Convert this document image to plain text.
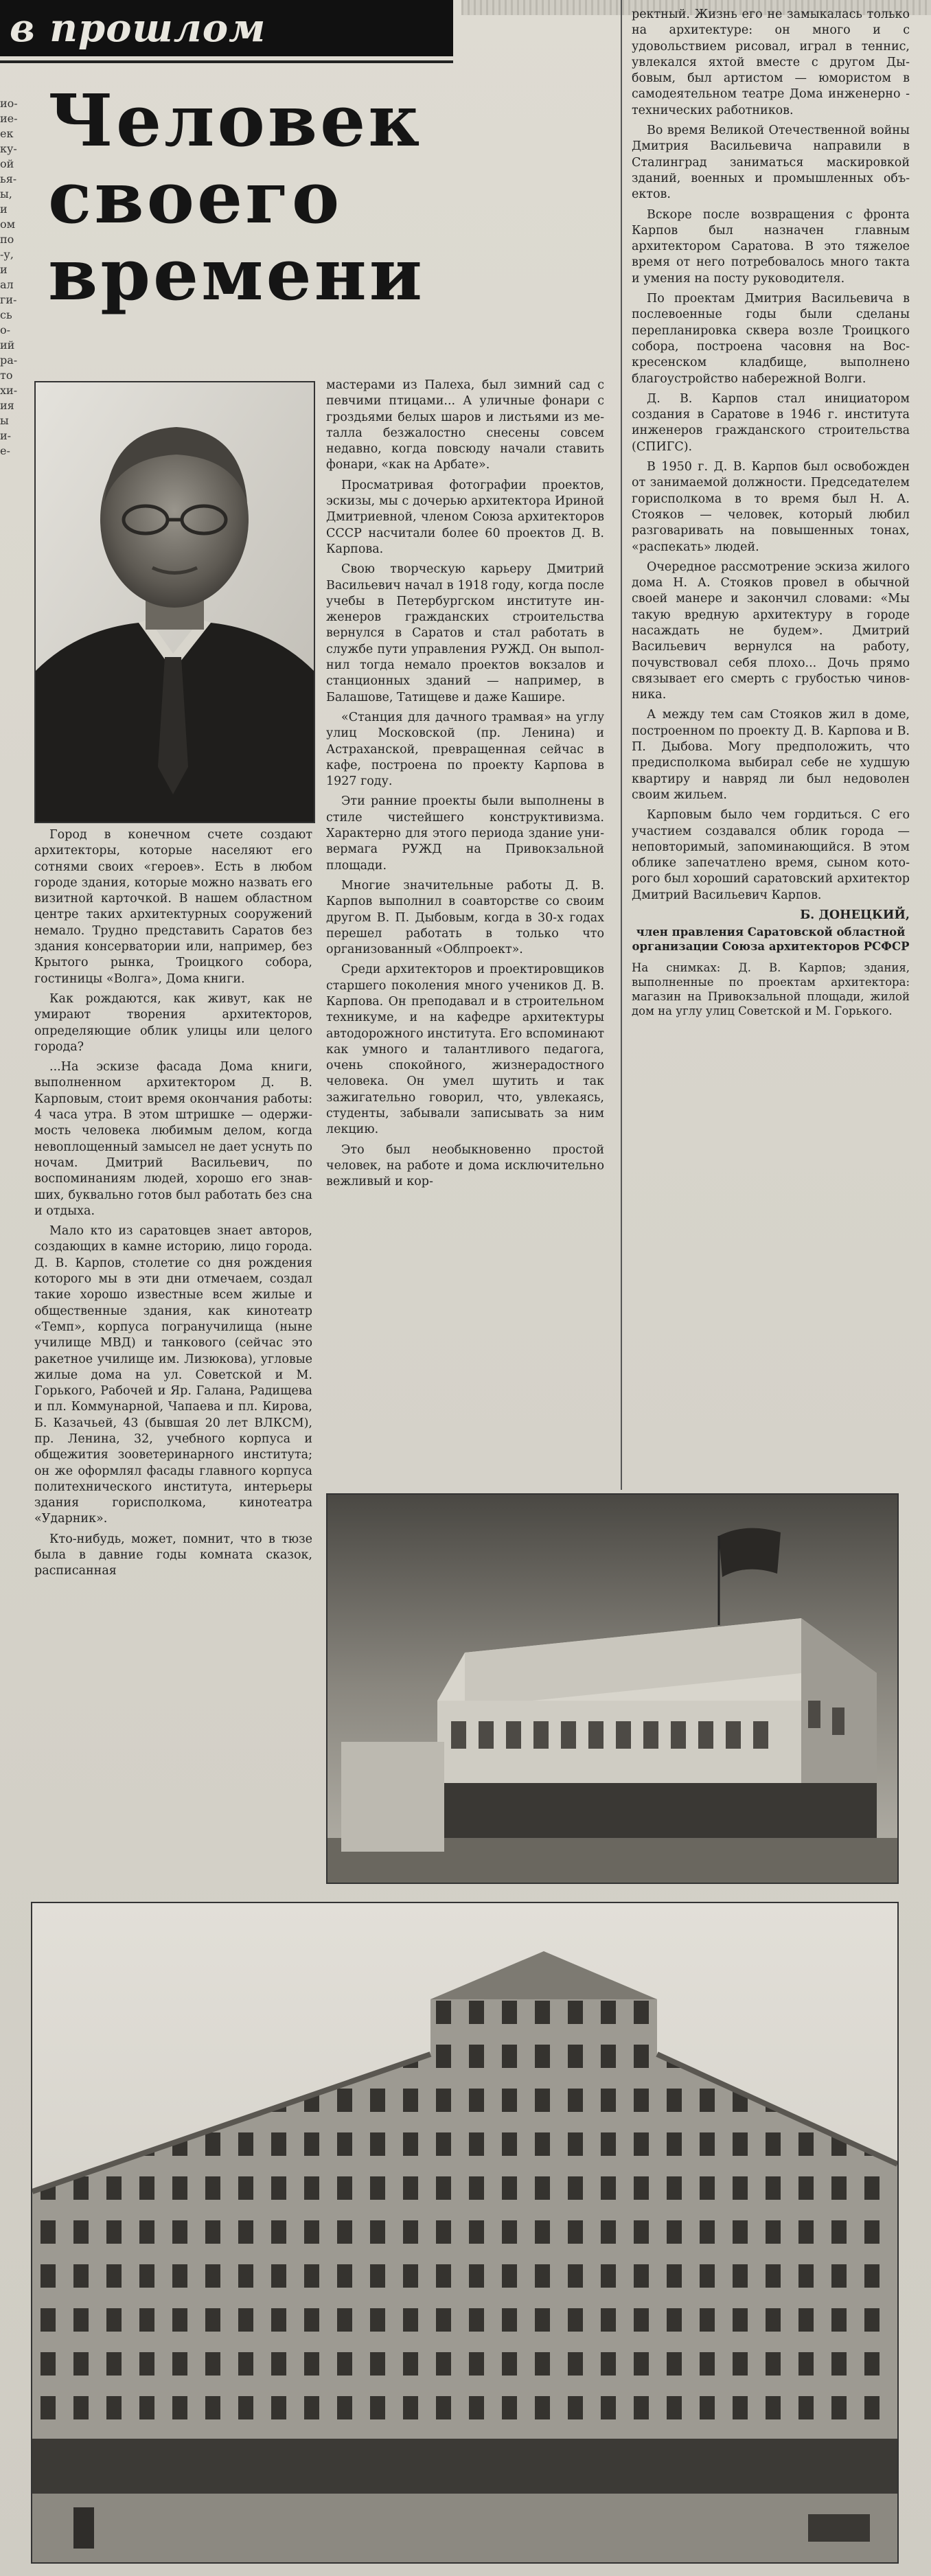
в прошлом
ио-
ие-
ек
ку-
ой
ья-
ы,
и
ом
по
-у,
и
ал
ги-
сь
о-
ий
ра-
то
хи-
ия
ы
и-
е-
Человек
своего
времени

Город в конечном счете создают архитекторы, которые населяют его сотнями своих «героев». Есть в любом городе здания, которые можно назвать его визитной карточкой. В нашем областном центре таких архитектурных сооружений немало. Трудно представить Саратов без здания консерватории или, например, без Крытого рынка, Троицкого собора, гостиницы «Волга», Дома книги.

Как рождаются, как живут, как не умирают творения архитекторов, определяющие облик улицы или целого города?

...На эскизе фасада Дома книги, выполненном архитектором Д. В. Карповым, стоит время окончания работы: 4 часа утра. В этом штришке — одержимость человека любимым делом, когда невоплощенный замысел не дает уснуть по ночам. Дмитрий Васильевич, по воспоминаниям людей, хорошо его знавших, буквально готов был работать без сна и отдыха.

Мало кто из саратовцев знает авторов, создающих в камне историю, лицо города. Д. В. Карпов, столетие со дня рождения которого мы в эти дни отмечаем, создал такие хорошо известные всем жилые и общественные здания, как кинотеатр «Темп», корпуса погранучилища (ныне училище МВД) и танкового (сейчас это ракетное училище им. Лизюкова), угловые жилые дома на ул. Советской и М. Горького, Рабочей и Яр. Галана, Радищева и пл. Коммунарной, Чапаева и пл. Кирова, Б. Казачьей, 43 (бывшая 20 лет ВЛКСМ), пр. Ленина, 32, учебного корпуса и общежития зооветеринарного института; он же оформлял фасады главного корпуса политехнического института, интерьеры здания горисполкома, кинотеатра «Ударник».

Кто-нибудь, может, помнит, что в тюзе была в давние годы комната сказок, расписанная

мастерами из Палеха, был зимний сад с певчими птицами... А уличные фонари с гроздьями белых шаров и листьями из металла безжалостно снесены совсем недавно, когда повсюду начали ставить фонари, «как на Арбате».

Просматривая фотографии проектов, эскизы, мы с дочерью архитектора Ириной Дмитриевной, членом Союза архитекторов СССР насчитали более 60 проектов Д. В. Карпова.

Свою творческую карьеру Дмитрий Васильевич начал в 1918 году, когда после учебы в Петербургском институте инженеров гражданских строительства вернулся в Саратов и стал работать в службе пути управления РУЖД. Он выполнил тогда немало проектов вокзалов и станционных зданий — например, в Балашове, Татищеве и даже Кашире.

«Станция для дачного трамвая» на углу улиц Московской (пр. Ленина) и Астраханской, превращенная сейчас в кафе, построена по проекту Карпова в 1927 году.

Эти ранние проекты были выполнены в стиле чистейшего конструктивизма. Характерно для этого периода здание универмага РУЖД на Привокзальной площади.

Многие значительные работы Д. В. Карпов выполнил в соавторстве со своим другом В. П. Дыбовым, когда в 30-х годах перешел работать в только что организованный «Облпроект».

Среди архитекторов и проектировщиков старшего поколения много учеников Д. В. Карпова. Он преподавал и в строительном техникуме, и на кафедре архитектуры автодорожного института. Его вспоминают как умного и талантливого педагога, очень спокойного, жизнерадостного человека. Он умел шутить и так зажигательно говорил, что, увлекаясь, студенты, забывали записывать за ним лекцию.

Это был необыкновенно простой человек, на работе и дома исключительно вежливый и кор-

ректный. Жизнь его не замыкалась только на архитектуре: он много и с удовольствием рисовал, играл в теннис, увлекался яхтой вместе с другом Дыбовым, был артистом — юмористом в самодеятельном театре Дома инженерно - технических работников.

Во время Великой Отечественной войны Дмитрия Васильевича направили в Сталинград заниматься маскировкой зданий, военных и промышленных объектов.

Вскоре после возвращения с фронта Карпов был назначен главным архитектором Саратова. В это тяжелое время от него потребовалось много такта и умения на посту руководителя.

По проектам Дмитрия Васильевича в послевоенные годы были сделаны перепланировка сквера возле Троицкого собора, построена часовня на Воскресенском кладбище, выполнено благоустройство набережной Волги.

Д. В. Карпов стал инициатором создания в Саратове в 1946 г. института инженеров гражданского строительства (СПИГС).

В 1950 г. Д. В. Карпов был освобожден от занимаемой должности. Председателем горисполкома в то время был Н. А. Стояков — человек, который любил разговаривать на повышенных тонах, «распекать» людей.

Очередное рассмотрение эскиза жилого дома Н. А. Стояков провел в обычной своей манере и закончил словами: «Мы такую вредную архитектуру в городе насаждать не будем». Дмитрий Васильевич вернулся на работу, почувствовал себя плохо... Дочь прямо связывает его смерть с грубостью чиновника.

А между тем сам Стояков жил в доме, построенном по проекту Д. В. Карпова и В. П. Дыбова. Могу предположить, что предисполкома выбирал себе не худшую квартиру и навряд ли был недоволен своим жильем.

Карповым было чем гордиться. С его участием создавался облик города — неповторимый, запоминающийся. В этом облике запечатлено время, сыном которого был хороший саратовский архитектор Дмитрий Васильевич Карпов.

Б. ДОНЕЦКИЙ,
член правления Саратовской областной организации Союза архитекторов РСФСР
На снимках: Д. В. Карпов; здания, выполненные по проектам архитектора: магазин на Привокзальной площади, жилой дом на углу улиц Советской и М. Горького.
